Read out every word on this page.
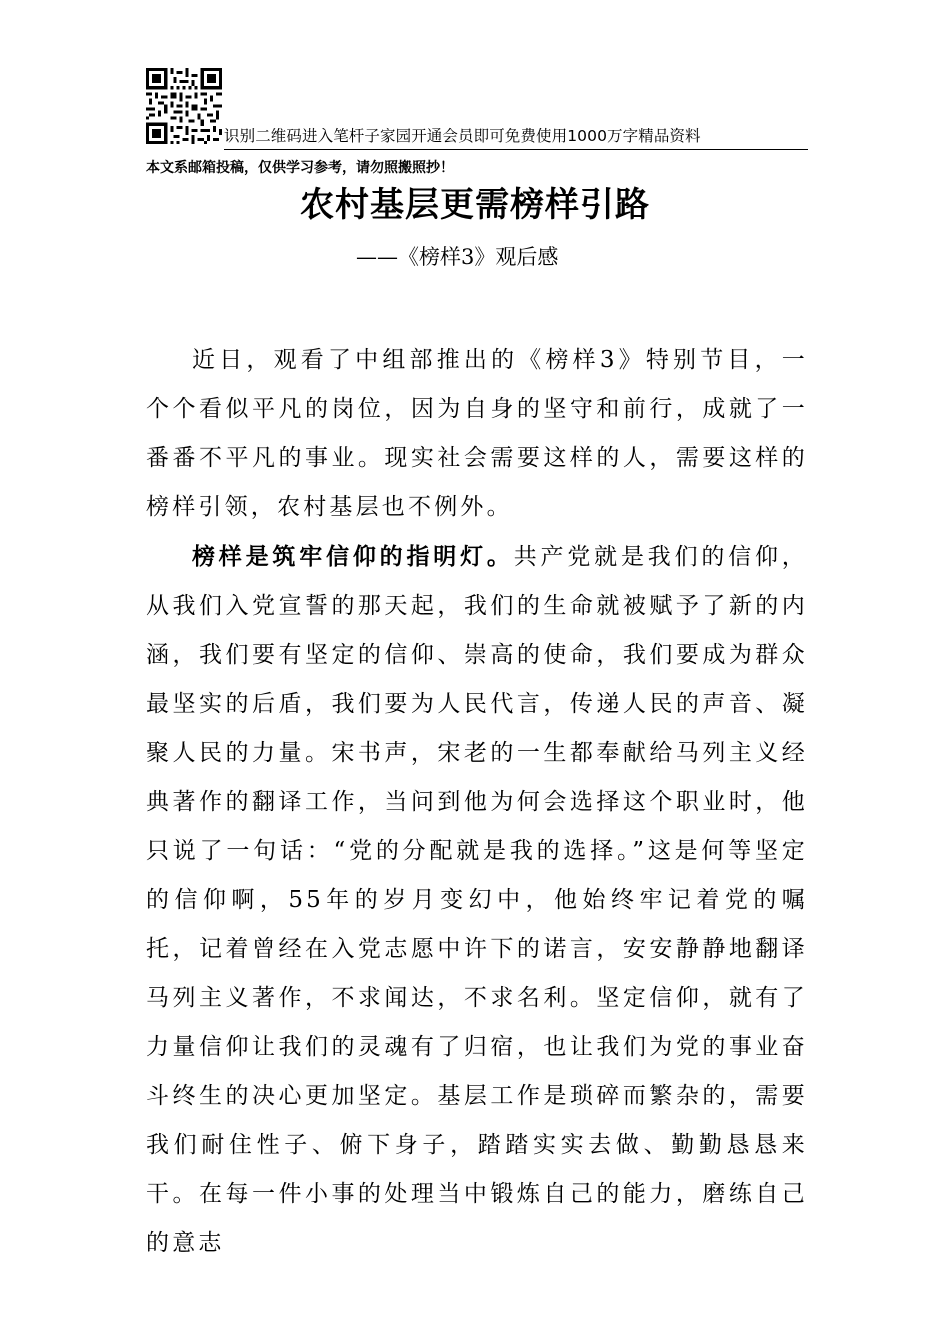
识别二维码进入笔杆子家园开通会员即可免费使用1000万字精品资料
本文系邮箱投稿，仅供学习参考，请勿照搬照抄！
农村基层更需榜样引路
——《榜样3》观后感

近日，观看了中组部推出的《榜样3》特别节目，一个个看似平凡的岗位，因为自身的坚守和前行，成就了一番番不平凡的事业。现实社会需要这样的人，需要这样的榜样引领，农村基层也不例外。

榜样是筑牢信仰的指明灯。共产党就是我们的信仰，从我们入党宣誓的那天起，我们的生命就被赋予了新的内涵，我们要有坚定的信仰、崇高的使命，我们要成为群众最坚实的后盾，我们要为人民代言，传递人民的声音、凝聚人民的力量。宋书声，宋老的一生都奉献给马列主义经典著作的翻译工作，当问到他为何会选择这个职业时，他只说了一句话：“党的分配就是我的选择。”这是何等坚定的信仰啊，55年的岁月变幻中，他始终牢记着党的嘱托，记着曾经在入党志愿中许下的诺言，安安静静地翻译马列主义著作，不求闻达，不求名利。坚定信仰，就有了力量信仰让我们的灵魂有了归宿，也让我们为党的事业奋斗终生的决心更加坚定。基层工作是琐碎而繁杂的，需要我们耐住性子、俯下身子，踏踏实实去做、勤勤恳恳来干。在每一件小事的处理当中锻炼自己的能力，磨练自己的意志
